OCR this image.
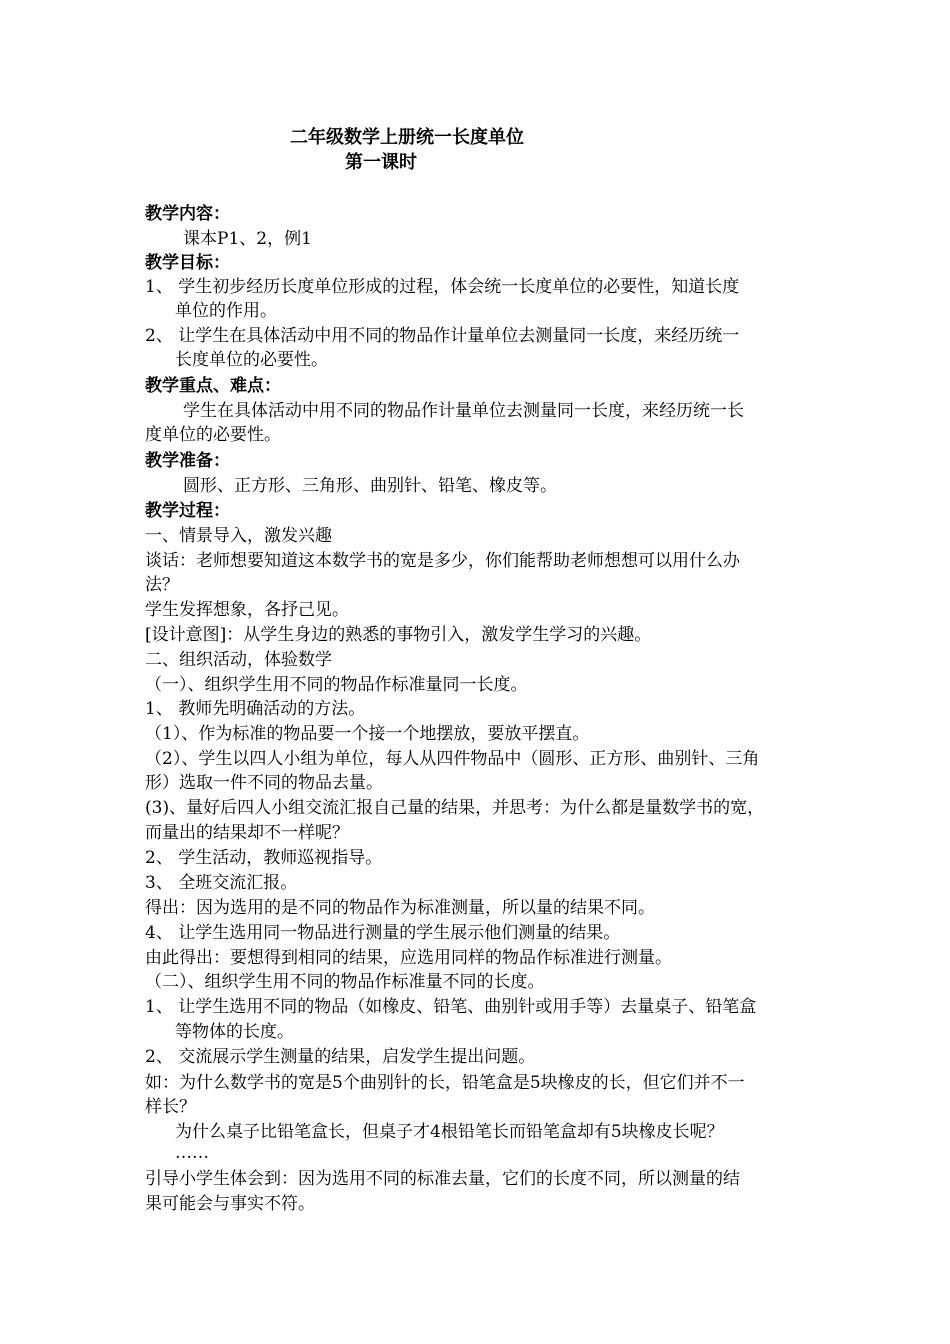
二年级数学上册统一长度单位
第一课时
教学内容：
课本P1、2，例1
教学目标：
1、 学生初步经历长度单位形成的过程，体会统一长度单位的必要性，知道长度
单位的作用。
2、 让学生在具体活动中用不同的物品作计量单位去测量同一长度，来经历统一
长度单位的必要性。
教学重点、难点：
学生在具体活动中用不同的物品作计量单位去测量同一长度，来经历统一长
度单位的必要性。
教学准备：
圆形、正方形、三角形、曲别针、铅笔、橡皮等。
教学过程：
一、情景导入，激发兴趣
谈话：老师想要知道这本数学书的宽是多少，你们能帮助老师想想可以用什么办
法？
学生发挥想象，各抒己见。
[设计意图]：从学生身边的熟悉的事物引入，激发学生学习的兴趣。
二、组织活动，体验数学
（一）、组织学生用不同的物品作标准量同一长度。
1、 教师先明确活动的方法。
（1）、作为标准的物品要一个接一个地摆放，要放平摆直。
（2）、学生以四人小组为单位，每人从四件物品中（圆形、正方形、曲别针、三角
形）选取一件不同的物品去量。
(3)、量好后四人小组交流汇报自己量的结果，并思考：为什么都是量数学书的宽，
而量出的结果却不一样呢？
2、 学生活动，教师巡视指导。
3、 全班交流汇报。
得出：因为选用的是不同的物品作为标准测量，所以量的结果不同。
4、 让学生选用同一物品进行测量的学生展示他们测量的结果。
由此得出：要想得到相同的结果，应选用同样的物品作标准进行测量。
（二）、组织学生用不同的物品作标准量不同的长度。
1、 让学生选用不同的物品（如橡皮、铅笔、曲别针或用手等）去量桌子、铅笔盒
等物体的长度。
2、 交流展示学生测量的结果，启发学生提出问题。
如：为什么数学书的宽是5个曲别针的长，铅笔盒是5块橡皮的长，但它们并不一
样长？
为什么桌子比铅笔盒长，但桌子才4根铅笔长而铅笔盒却有5块橡皮长呢？
……
引导小学生体会到：因为选用不同的标准去量，它们的长度不同，所以测量的结
果可能会与事实不符。
